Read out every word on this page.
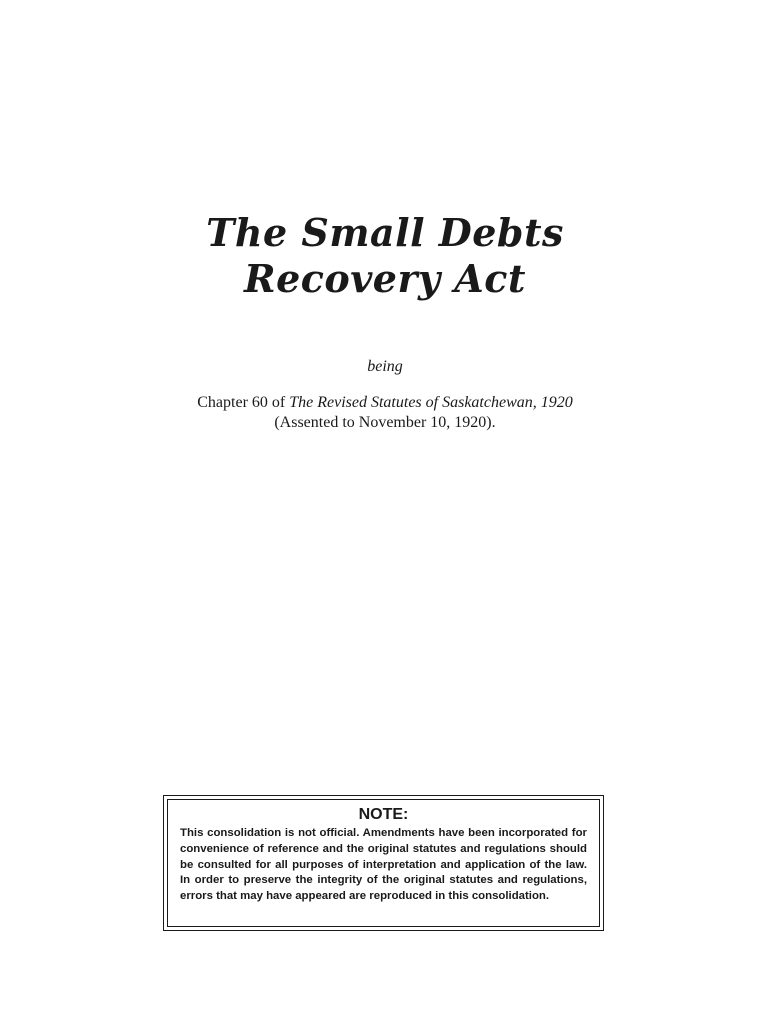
The Small Debts
Recovery Act
being
Chapter 60 of The Revised Statutes of Saskatchewan, 1920
(Assented to November 10, 1920).
NOTE:
This consolidation is not official. Amendments have been incorporated for convenience of reference and the original statutes and regulations should be consulted for all purposes of interpretation and application of the law. In order to preserve the integrity of the original statutes and regulations, errors that may have appeared are reproduced in this consolidation.
